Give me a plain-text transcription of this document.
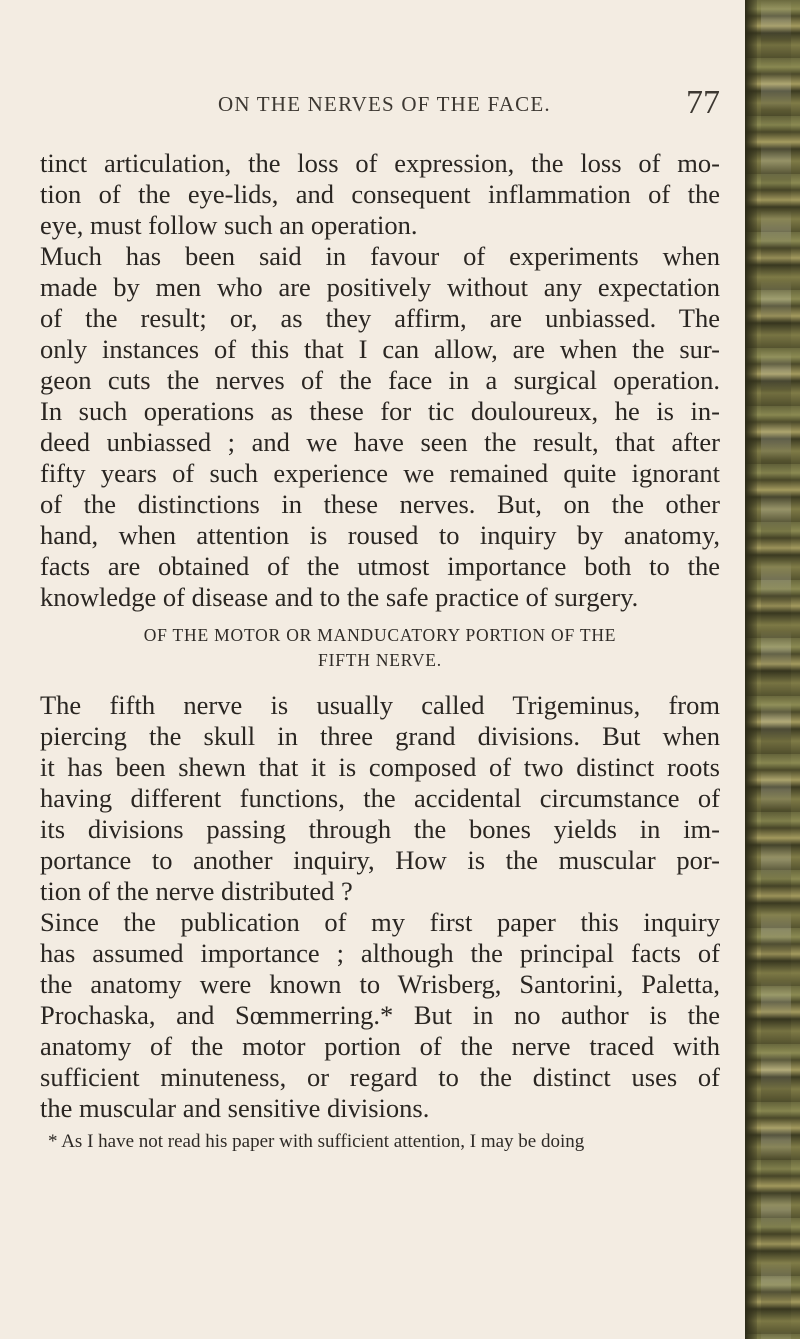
ON THE NERVES OF THE FACE.	77

tinct articulation, the loss of expression, the loss of mo-
tion of the eye-lids, and consequent inflammation of the

eye, must follow such an operation.

Much has been said in favour of experiments when
made by men who are positively without any expectation
of the result; or, as they affirm, are unbiassed. The
only instances of this that I can allow, are when the sur-
geon cuts the nerves of the face in a surgical operation.
In such operations as these for tic douloureux, he is in-
deed unbiassed ; and we have seen the result, that after
fifty years of such experience we remained quite ignorant
of the distinctions in these nerves. But, on the other
hand, when attention is roused to inquiry by anatomy,
facts are obtained of the utmost importance both to the

knowledge of disease and to the safe practice of surgery.

OF THE MOTOR OR MANDUCATORY PORTION OF THE
FIFTH NERVE.

The fifth nerve is usually called Trigeminus, from
piercing the skull in three grand divisions. But when
it has been shewn that it is composed of two distinct roots
having different functions, the accidental circumstance of
its divisions passing through the bones yields in im-
portance to another inquiry, How is the muscular por-

tion of the nerve distributed ?

Since the publication of my first paper this inquiry
has assumed importance ; although the principal facts of
the anatomy were known to Wrisberg, Santorini, Paletta,
Prochaska, and Sœmmerring.* But in no author is the
anatomy of the motor portion of the nerve traced with
sufficient minuteness, or regard to the distinct uses of

the muscular and sensitive divisions.

* As I have not read his paper with sufficient attention, I may be doing
